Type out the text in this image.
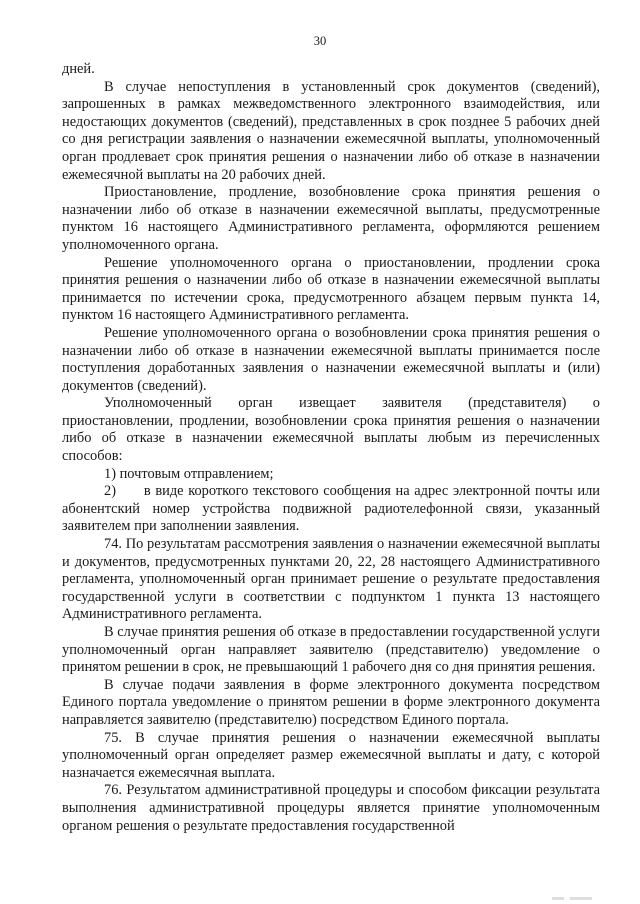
30

дней.

В случае непоступления в установленный срок документов (сведений), запрошенных в рамках межведомственного электронного взаимодействия, или недостающих документов (сведений), представленных в срок позднее 5 рабочих дней со дня регистрации заявления о назначении ежемесячной выплаты, уполномоченный орган продлевает срок принятия решения о назначении либо об отказе в назначении ежемесячной выплаты на 20 рабочих дней.

Приостановление, продление, возобновление срока принятия решения о назначении либо об отказе в назначении ежемесячной выплаты, предусмотренные пунктом 16 настоящего Административного регламента, оформляются решением уполномоченного органа.

Решение уполномоченного органа о приостановлении, продлении срока принятия решения о назначении либо об отказе в назначении ежемесячной выплаты принимается по истечении срока, предусмотренного абзацем первым пункта 14, пунктом 16 настоящего Административного регламента.

Решение уполномоченного органа о возобновлении срока принятия решения о назначении либо об отказе в назначении ежемесячной выплаты принимается после поступления доработанных заявления о назначении ежемесячной выплаты и (или) документов (сведений).

Уполномоченный орган извещает заявителя (представителя) о приостановлении, продлении, возобновлении срока принятия решения о назначении либо об отказе в назначении ежемесячной выплаты любым из перечисленных способов:

1) почтовым отправлением;

2)      в виде короткого текстового сообщения на адрес электронной почты или абонентский номер устройства подвижной радиотелефонной связи, указанный заявителем при заполнении заявления.

74. По результатам рассмотрения заявления о назначении ежемесячной выплаты и документов, предусмотренных пунктами 20, 22, 28 настоящего Административного регламента, уполномоченный орган принимает решение о результате предоставления государственной услуги в соответствии с подпунктом 1 пункта 13 настоящего Административного регламента.

В случае принятия решения об отказе в предоставлении государственной услуги уполномоченный орган направляет заявителю (представителю) уведомление о принятом решении в срок, не превышающий 1 рабочего дня со дня принятия решения.

В случае подачи заявления в форме электронного документа посредством Единого портала уведомление о принятом решении в форме электронного документа направляется заявителю (представителю) посредством Единого портала.

75. В случае принятия решения о назначении ежемесячной выплаты уполномоченный орган определяет размер ежемесячной выплаты и дату, с которой назначается ежемесячная выплата.

76. Результатом административной процедуры и способом фиксации результата выполнения административной процедуры является принятие уполномоченным органом решения о результате предоставления государственной
